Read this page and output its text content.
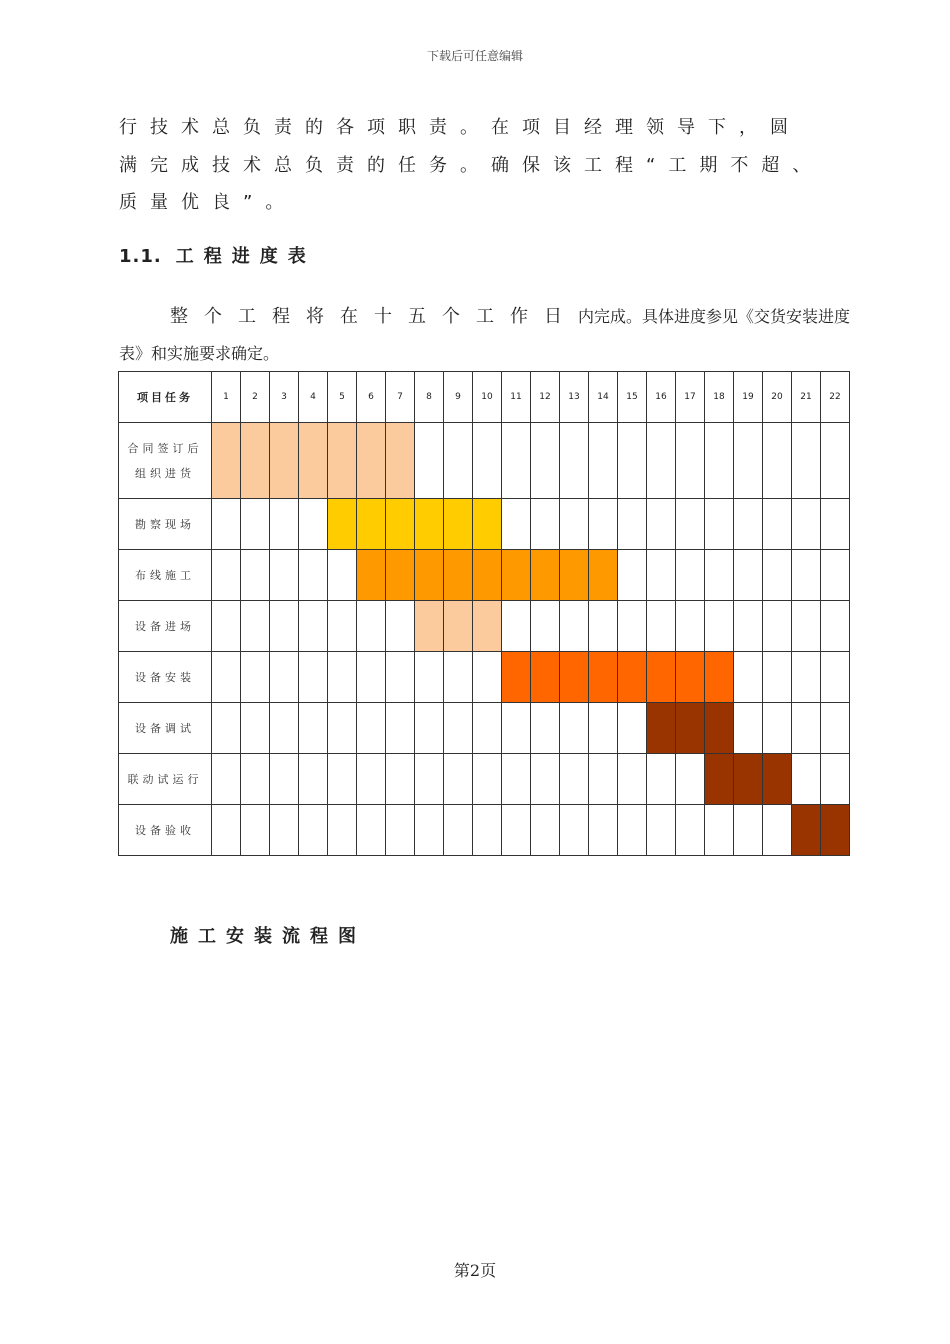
下载后可任意编辑
行技术总负责的各项职责。在项目经理领导下，圆
满完成技术总负责的任务。确保该工程“工期不超、
质量优良”。
1.1. 工程进度表
整个工程将在十五个工作日内完成。具体进度参见《交货安装进度
表》和实施要求确定。
项目任务	1	2	3	4	5	6	7	8	9	10	11	12	13	14	15	16	17	18	19	20	21	22
合同签订后组织进货																						
勘察现场																						
布线施工																						
设备进场																						
设备安装																						
设备调试																						
联动试运行																						
设备验收																						
施工安装流程图
第2页
